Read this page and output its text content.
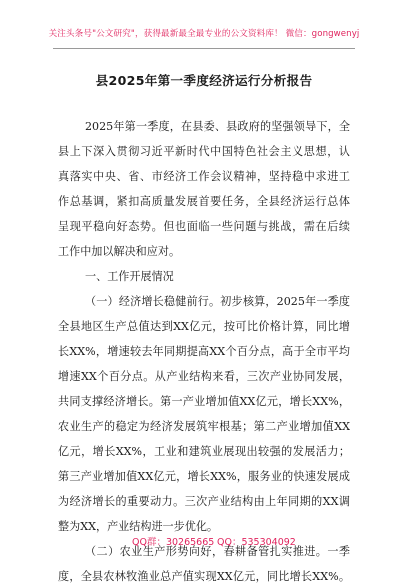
关注头条号"公文研究"，获得最新最全最专业的公文资料库！ 微信：gongwenyj
县2025年第一季度经济运行分析报告
2025年第一季度，在县委、县政府的坚强领导下，全
县上下深入贯彻习近平新时代中国特色社会主义思想，认
真落实中央、省、市经济工作会议精神，坚持稳中求进工
作总基调，紧扣高质量发展首要任务，全县经济运行总体
呈现平稳向好态势。但也面临一些问题与挑战，需在后续
工作中加以解决和应对。
一、工作开展情况
（一）经济增长稳健前行。初步核算，2025年一季度
全县地区生产总值达到XX亿元，按可比价格计算，同比增
长XX%，增速较去年同期提高XX个百分点，高于全市平均
增速XX个百分点。从产业结构来看，三次产业协同发展，
共同支撑经济增长。第一产业增加值XX亿元，增长XX%，
农业生产的稳定为经济发展筑牢根基；第二产业增加值XX
亿元，增长XX%，工业和建筑业展现出较强的发展活力；
第三产业增加值XX亿元，增长XX%，服务业的快速发展成
为经济增长的重要动力。三次产业结构由上年同期的XX调
整为XX，产业结构进一步优化。
（二）农业生产形势向好，春耕备管扎实推进。一季
度，全县农林牧渔业总产值实现XX亿元，同比增长XX%。
QQ群：30265665 QQ：535304092
